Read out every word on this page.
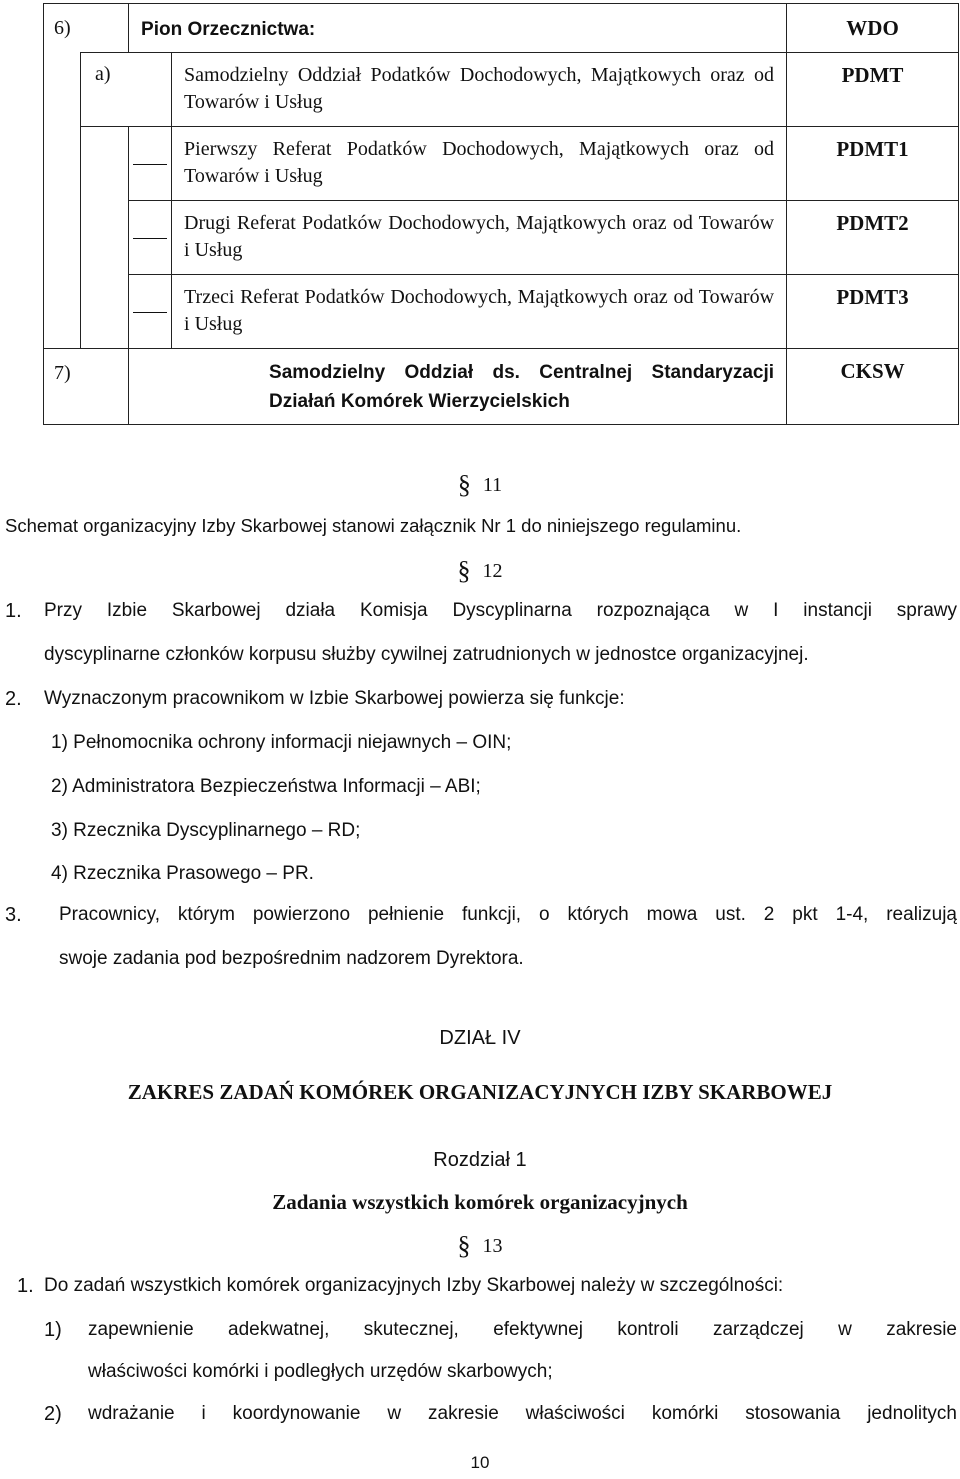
6)		Pion Orzecznictwa:		WDO
	a)		Samodzielny Oddział Podatków Dochodowych, Majątkowych oraz od Towarów i Usług	PDMT
			Pierwszy Referat Podatków Dochodowych, Majątkowych oraz od Towarów i Usług	PDMT1
			Drugi Referat Podatków Dochodowych, Majątkowych oraz od Towarów i Usług	PDMT2
			Trzeci Referat Podatków Dochodowych, Majątkowych oraz od Towarów i Usług	PDMT3
7)		Samodzielny Oddział ds. Centralnej Standaryzacji Działań Komórek Wierzycielskich		CKSW
§ 11
Schemat organizacyjny Izby Skarbowej stanowi załącznik Nr 1 do niniejszego regulaminu.
§ 12
1. Przy Izbie Skarbowej działa Komisja Dyscyplinarna rozpoznająca w I instancji sprawy
dyscyplinarne członków korpusu służby cywilnej zatrudnionych w jednostce organizacyjnej.
2. Wyznaczonym pracownikom w Izbie Skarbowej powierza się funkcje:
1) Pełnomocnika ochrony informacji niejawnych – OIN;
2) Administratora Bezpieczeństwa Informacji – ABI;
3) Rzecznika Dyscyplinarnego – RD;
4) Rzecznika Prasowego – PR.
3. Pracownicy, którym powierzono pełnienie funkcji, o których mowa ust. 2 pkt 1-4, realizują
swoje zadania pod bezpośrednim nadzorem Dyrektora.
DZIAŁ IV
ZAKRES ZADAŃ KOMÓREK ORGANIZACYJNYCH IZBY SKARBOWEJ
Rozdział 1
Zadania wszystkich komórek organizacyjnych
§ 13
1. Do zadań wszystkich komórek organizacyjnych Izby Skarbowej należy w szczególności:
1) zapewnienie adekwatnej, skutecznej, efektywnej kontroli zarządczej w zakresie
właściwości komórki i podległych urzędów skarbowych;
2) wdrażanie i koordynowanie w zakresie właściwości komórki stosowania jednolitych
10
